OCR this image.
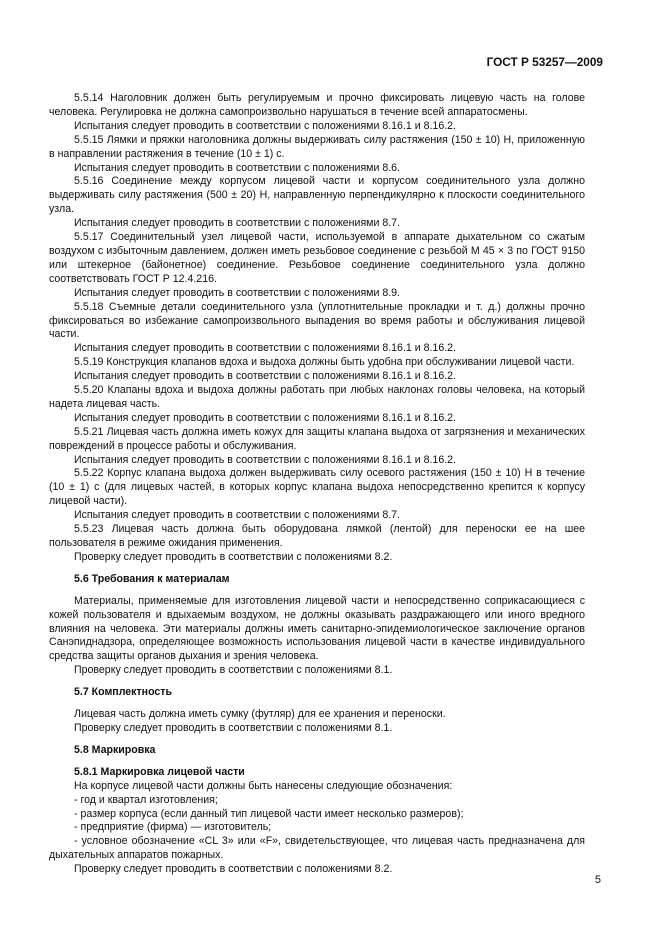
ГОСТ Р 53257—2009

5.5.14 Наголовник должен быть регулируемым и прочно фиксировать лицевую часть на голове человека. Регулировка не должна самопроизвольно нарушаться в течение всей аппаратосмены.

Испытания следует проводить в соответствии с положениями 8.16.1 и 8.16.2.

5.5.15 Лямки и пряжки наголовника должны выдерживать силу растяжения (150 ± 10) Н, приложенную в направлении растяжения в течение (10 ± 1) с.

Испытания следует проводить в соответствии с положениями 8.6.

5.5.16 Соединение между корпусом лицевой части и корпусом соединительного узла должно выдерживать силу растяжения (500 ± 20) Н, направленную перпендикулярно к плоскости соединительного узла.

Испытания следует проводить в соответствии с положениями 8.7.

5.5.17 Соединительный узел лицевой части, используемой в аппарате дыхательном со сжатым воздухом с избыточным давлением, должен иметь резьбовое соединение с резьбой М 45 × 3 по ГОСТ 9150 или штекерное (байонетное) соединение. Резьбовое соединение соединительного узла должно соответствовать ГОСТ Р 12.4.216.

Испытания следует проводить в соответствии с положениями 8.9.

5.5.18 Съемные детали соединительного узла (уплотнительные прокладки и т. д.) должны прочно фиксироваться во избежание самопроизвольного выпадения во время работы и обслуживания лицевой части.

Испытания следует проводить в соответствии с положениями 8.16.1 и 8.16.2.

5.5.19 Конструкция клапанов вдоха и выдоха должны быть удобна при обслуживании лицевой части.

Испытания следует проводить в соответствии с положениями 8.16.1 и 8.16.2.

5.5.20 Клапаны вдоха и выдоха должны работать при любых наклонах головы человека, на который надета лицевая часть.

Испытания следует проводить в соответствии с положениями 8.16.1 и 8.16.2.

5.5.21 Лицевая часть должна иметь кожух для защиты клапана выдоха от загрязнения и механических повреждений в процессе работы и обслуживания.

Испытания следует проводить в соответствии с положениями 8.16.1 и 8.16.2.

5.5.22 Корпус клапана выдоха должен выдерживать силу осевого растяжения (150 ± 10) Н в течение (10 ± 1) с (для лицевых частей, в которых корпус клапана выдоха непосредственно крепится к корпусу лицевой части).

Испытания следует проводить в соответствии с положениями 8.7.

5.5.23 Лицевая часть должна быть оборудована лямкой (лентой) для переноски ее на шее пользователя в режиме ожидания применения.

Проверку следует проводить в соответствии с положениями 8.2.

5.6 Требования к материалам

Материалы, применяемые для изготовления лицевой части и непосредственно соприкасающиеся с кожей пользователя и вдыхаемым воздухом, не должны оказывать раздражающего или иного вредного влияния на человека. Эти материалы должны иметь санитарно-эпидемиологическое заключение органов Санэпиднадзора, определяющее возможность использования лицевой части в качестве индивидуального средства защиты органов дыхания и зрения человека.

Проверку следует проводить в соответствии с положениями 8.1.

5.7 Комплектность

Лицевая часть должна иметь сумку (футляр) для ее хранения и переноски.

Проверку следует проводить в соответствии с положениями 8.1.

5.8 Маркировка
5.8.1 Маркировка лицевой части

На корпусе лицевой части должны быть нанесены следующие обозначения:

- год и квартал изготовления;

- размер корпуса (если данный тип лицевой части имеет несколько размеров);

- предприятие (фирма) — изготовитель;

- условное обозначение «CL 3» или «F», свидетельствующее, что лицевая часть предназначена для дыхательных аппаратов пожарных.

Проверку следует проводить в соответствии с положениями 8.2.

5
